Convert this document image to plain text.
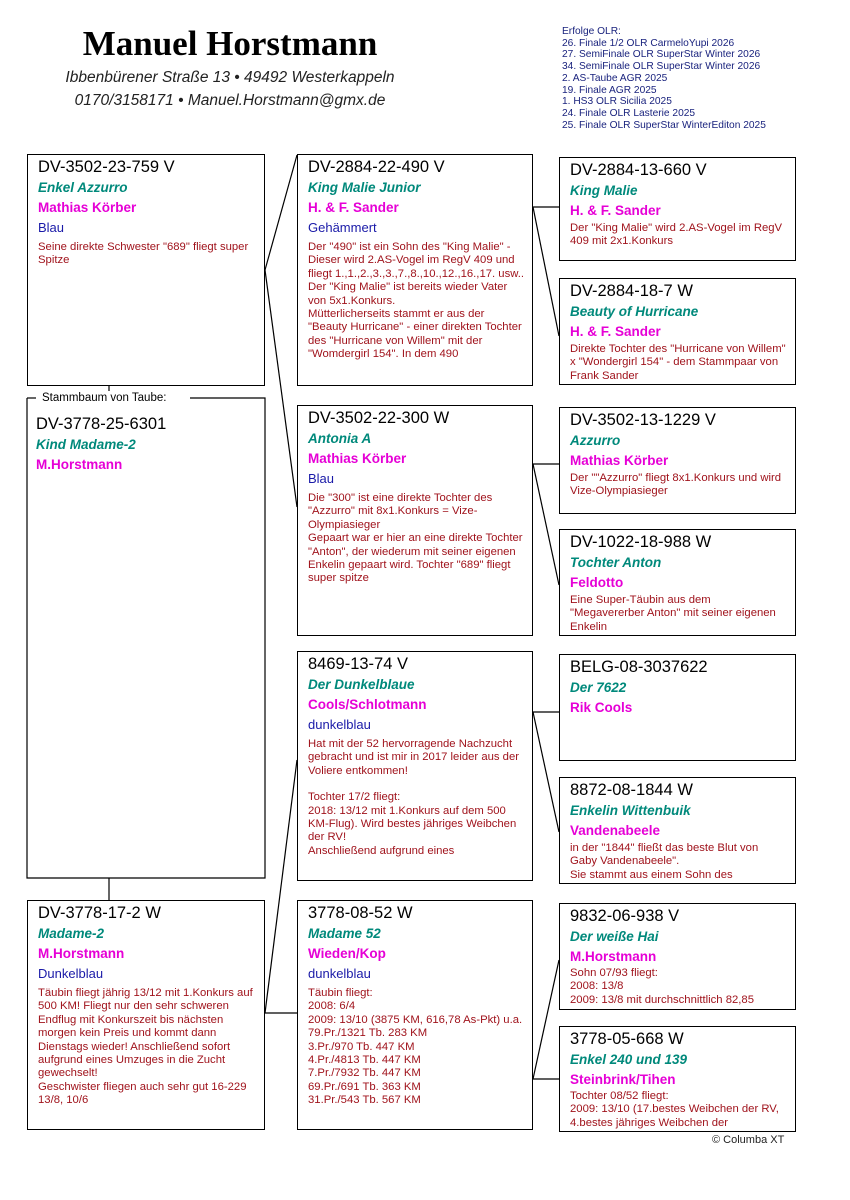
Manuel Horstmann
Ibbenbürener Straße 13 • 49492 Westerkappeln
0170/3158171 • Manuel.Horstmann@gmx.de
Erfolge OLR:
26. Finale 1/2 OLR CarmeloYupi 2026
27. SemiFinale OLR SuperStar Winter 2026
34. SemiFinale OLR SuperStar Winter 2026
2. AS-Taube AGR 2025
19. Finale AGR 2025
1. HS3 OLR Sicilia 2025
24. Finale OLR Lasterie 2025
25. Finale OLR SuperStar WinterEditon 2025
DV-3502-23-759 V
Enkel Azzurro
Mathias Körber
Blau

Seine direkte Schwester "689" fliegt super Spitze

Stammbaum von Taube:
DV-3778-25-6301
Kind Madame-2
M.Horstmann
DV-3778-17-2 W
Madame-2
M.Horstmann
Dunkelblau

Täubin fliegt jährig 13/12 mit 1.Konkurs auf 500 KM! Fliegt nur den sehr schweren Endflug mit Konkurszeit bis nächsten morgen kein Preis und kommt dann Dienstags wieder! Anschließend sofort aufgrund eines Umzuges in die Zucht gewechselt!

Geschwister fliegen auch sehr gut 16-229 13/8, 10/6

DV-2884-22-490 V
King Malie Junior
H. & F. Sander
Gehämmert

Der "490" ist ein Sohn des "King Malie" - Dieser wird 2.AS-Vogel im RegV 409 und fliegt 1.,1.,2.,3.,3.,7.,8.,10.,12.,16.,17. usw..

Der "King Malie" ist bereits wieder Vater von 5x1.Konkurs.

Mütterlicherseits stammt er aus der "Beauty Hurricane" - einer direkten Tochter des "Hurricane von Willem" mit der "Womdergirl 154". In dem 490

DV-3502-22-300 W
Antonia A
Mathias Körber
Blau

Die "300" ist eine direkte Tochter des "Azzurro" mit 8x1.Konkurs = Vize-Olympiasieger

Gepaart war er hier an eine direkte Tochter "Anton", der wiederum mit seiner eigenen Enkelin gepaart wird. Tochter "689" fliegt super spitze

8469-13-74 V
Der Dunkelblaue
Cools/Schlotmann
dunkelblau

Hat mit der 52 hervorragende Nachzucht gebracht und ist mir in 2017 leider aus der Voliere entkommen!

Tochter 17/2 fliegt:

2018: 13/12 mit 1.Konkurs auf dem 500 KM-Flug). Wird bestes jähriges Weibchen der RV!

Anschließend aufgrund eines

3778-08-52 W
Madame 52
Wieden/Kop
dunkelblau

Täubin fliegt:

2008: 6/4

2009: 13/10 (3875 KM, 616,78 As-Pkt) u.a.

79.Pr./1321 Tb. 283 KM

3.Pr./970 Tb. 447 KM

4.Pr./4813 Tb. 447 KM

7.Pr./7932 Tb. 447 KM

69.Pr./691 Tb. 363 KM

31.Pr./543 Tb. 567 KM

DV-2884-13-660 V
King Malie
H. & F. Sander

Der "King Malie" wird 2.AS-Vogel im RegV 409 mit 2x1.Konkurs

DV-2884-18-7 W
Beauty of Hurricane
H. & F. Sander

Direkte Tochter des "Hurricane von Willem" x "Wondergirl 154" - dem Stammpaar von Frank Sander

DV-3502-13-1229 V
Azzurro
Mathias Körber

Der ""Azzurro" fliegt 8x1.Konkurs und wird Vize-Olympiasieger

DV-1022-18-988 W
Tochter Anton
Feldotto

Eine Super-Täubin aus dem "Megavererber Anton" mit seiner eigenen Enkelin

BELG-08-3037622
Der 7622
Rik Cools
8872-08-1844 W
Enkelin Wittenbuik
Vandenabeele

in der "1844" fließt das beste Blut von Gaby Vandenabeele".

Sie stammt aus einem Sohn des

9832-06-938 V
Der weiße Hai
M.Horstmann

Sohn 07/93 fliegt:

2008: 13/8

2009: 13/8 mit durchschnittlich 82,85

3778-05-668 W
Enkel 240 und 139
Steinbrink/Tihen

Tochter 08/52 fliegt:

2009: 13/10 (17.bestes Weibchen der RV, 4.bestes jähriges Weibchen der

© Columba XT
